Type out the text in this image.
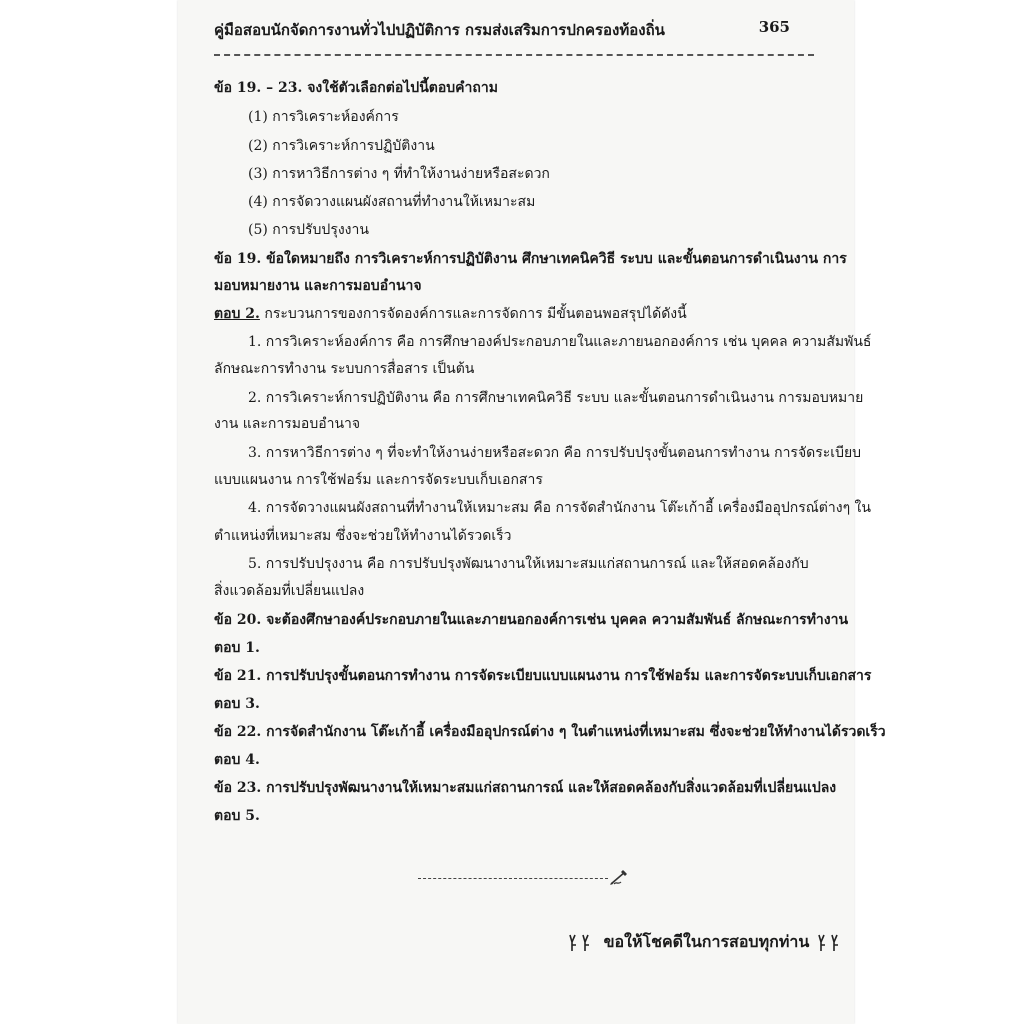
คู่มือสอบนักจัดการงานทั่วไปปฏิบัติการ กรมส่งเสริมการปกครองท้องถิ่น	365
ข้อ 19. – 23. จงใช้ตัวเลือกต่อไปนี้ตอบคำถาม
(1) การวิเคราะห์องค์การ
(2) การวิเคราะห์การปฏิบัติงาน
(3) การหาวิธีการต่าง ๆ ที่ทำให้งานง่ายหรือสะดวก
(4) การจัดวางแผนผังสถานที่ทำงานให้เหมาะสม
(5) การปรับปรุงงาน
ข้อ 19. ข้อใดหมายถึง การวิเคราะห์การปฏิบัติงาน ศึกษาเทคนิควิธี ระบบ และขั้นตอนการดำเนินงาน การ
มอบหมายงาน และการมอบอำนาจ
ตอบ 2. กระบวนการของการจัดองค์การและการจัดการ มีขั้นตอนพอสรุปได้ดังนี้
1. การวิเคราะห์องค์การ คือ การศึกษาองค์ประกอบภายในและภายนอกองค์การ เช่น บุคคล ความสัมพันธ์
ลักษณะการทำงาน ระบบการสื่อสาร เป็นต้น
2. การวิเคราะห์การปฏิบัติงาน คือ การศึกษาเทคนิควิธี ระบบ และขั้นตอนการดำเนินงาน การมอบหมาย
งาน และการมอบอำนาจ
3. การหาวิธีการต่าง ๆ ที่จะทำให้งานง่ายหรือสะดวก คือ การปรับปรุงขั้นตอนการทำงาน การจัดระเบียบ
แบบแผนงาน การใช้ฟอร์ม และการจัดระบบเก็บเอกสาร
4. การจัดวางแผนผังสถานที่ทำงานให้เหมาะสม คือ การจัดสำนักงาน โต๊ะเก้าอี้ เครื่องมืออุปกรณ์ต่างๆ ใน
ตำแหน่งที่เหมาะสม ซึ่งจะช่วยให้ทำงานได้รวดเร็ว
5. การปรับปรุงงาน คือ การปรับปรุงพัฒนางานให้เหมาะสมแก่สถานการณ์ และให้สอดคล้องกับ
สิ่งแวดล้อมที่เปลี่ยนแปลง
ข้อ 20. จะต้องศึกษาองค์ประกอบภายในและภายนอกองค์การเช่น บุคคล ความสัมพันธ์ ลักษณะการทำงาน
ตอบ 1.
ข้อ 21. การปรับปรุงขั้นตอนการทำงาน การจัดระเบียบแบบแผนงาน การใช้ฟอร์ม และการจัดระบบเก็บเอกสาร
ตอบ 3.
ข้อ 22. การจัดสำนักงาน โต๊ะเก้าอี้ เครื่องมืออุปกรณ์ต่าง ๆ ในตำแหน่งที่เหมาะสม ซึ่งจะช่วยให้ทำงานได้รวดเร็ว
ตอบ 4.
ข้อ 23. การปรับปรุงพัฒนางานให้เหมาะสมแก่สถานการณ์ และให้สอดคล้องกับสิ่งแวดล้อมที่เปลี่ยนแปลง
ตอบ 5.
ขอให้โชคดีในการสอบทุกท่าน
